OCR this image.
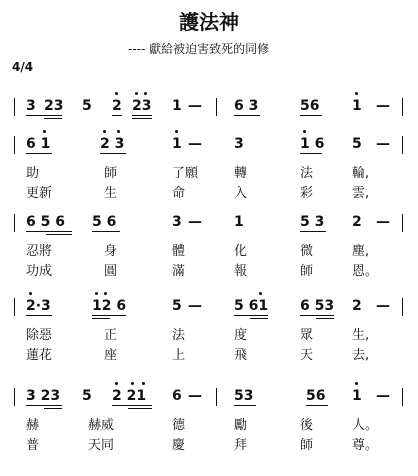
護法神
---- 獻給被迫害致死的同修
4/4
3 23 5 2 23 1 — 6 3	56 1 —
6 1	2 3	1 — 3	1 6 5 —
助	師	了願	轉	法	輪,
更新	生	命	入	彩	雲,
6 5 6 5 6	3 — 1	5 3 2 —
忍將	身	體	化	微	塵,
功成	圓	滿	報	師	恩。
2·3	12 6	5 — 5 61 6 53 2 —
除惡	正	法	度	眾	生,
蓮花	座	上	飛	天	去,
3 23 5 2 21 6 — 53	56 1 —
赫	赫威	德	勵	後	人。
普	天同	慶	拜	師	尊。
